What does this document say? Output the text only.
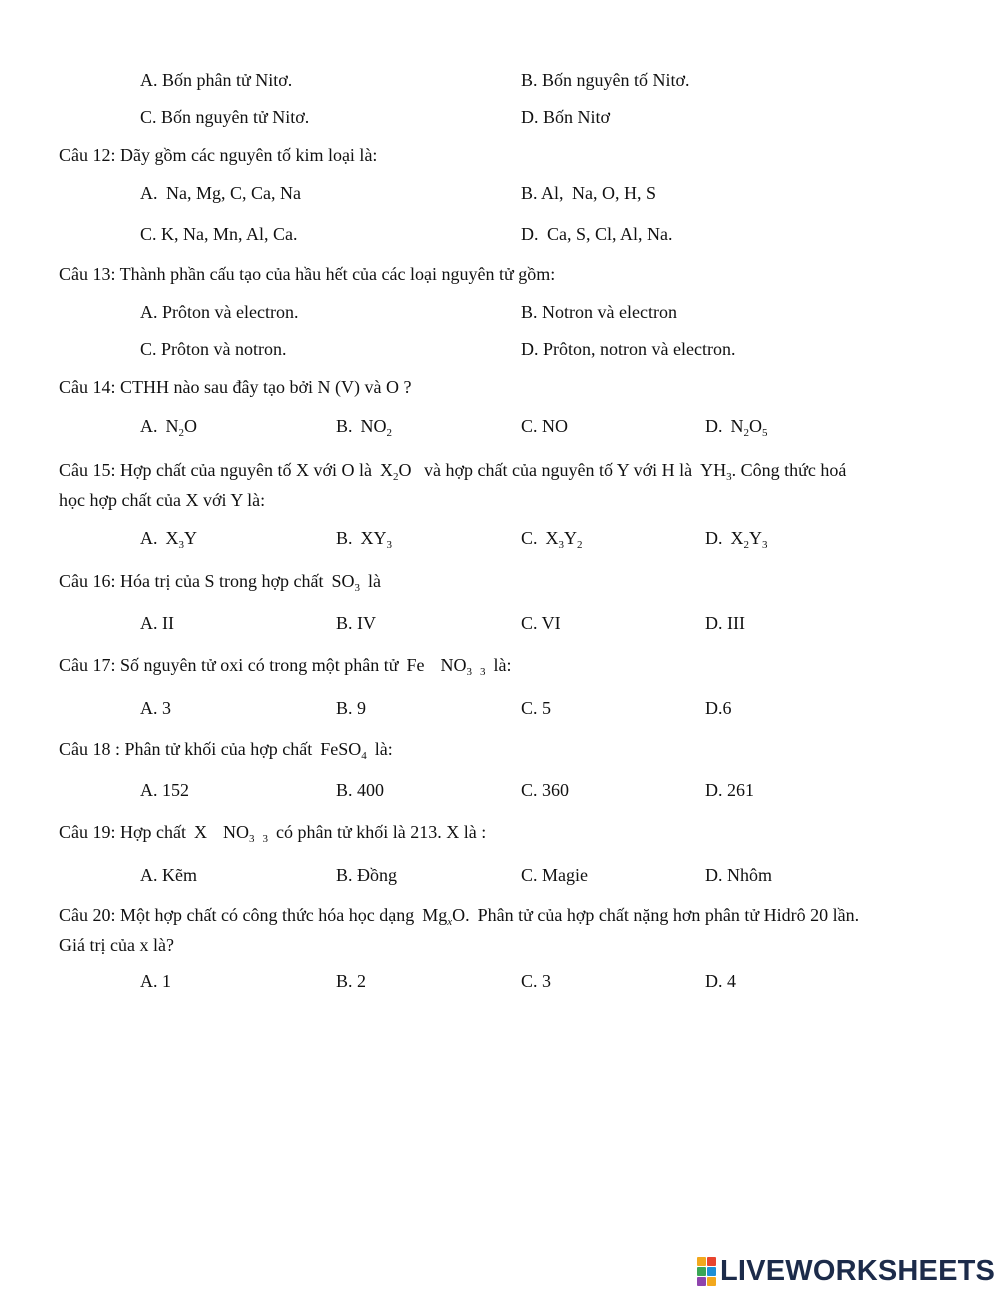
A. Bốn phân tử Nitơ.	B. Bốn nguyên tố Nitơ.
C. Bốn nguyên tử Nitơ.	D. Bốn Nitơ
Câu 12: Dãy gồm các nguyên tố kim loại là:
A. Na, Mg, C, Ca, Na	B. Al, Na, O, H, S
C. K, Na, Mn, Al, Ca.	D. Ca, S, Cl, Al, Na.
Câu 13: Thành phần cấu tạo của hầu hết của các loại nguyên tử gồm:
A. Prôton và electron.	B. Notron và electron
C. Prôton và notron.	D. Prôton, notron và electron.
Câu 14: CTHH nào sau đây tạo bởi N (V) và O ?
A. $N_2O$	B. $NO_2$	C. NO	D. $N_2O_5$
Câu 15: Hợp chất của nguyên tố X với O là $X_2O$ và hợp chất của nguyên tố Y với H là $YH_3$. Công thức hoá
học hợp chất của X với Y là:
A. $X_3Y$	B. $XY_3$	C. $X_3Y_2$	D. $X_2Y_3$
Câu 16: Hóa trị của S trong hợp chất $SO_3$ là
A. II	B. IV	C. VI	D. III
Câu 17: Số nguyên tử oxi có trong một phân tử Fe $NO_3$ $_3$ là:
A. 3	B. 9	C. 5	D.6
Câu 18 : Phân tử khối của hợp chất FeSO$_4$ là:
A. 152	B. 400	C. 360	D. 261
Câu 19: Hợp chất X $NO_3$ $_3$ có phân tử khối là 213. X là :
A. Kẽm	B. Đồng	C. Magie	D. Nhôm
Câu 20: Một hợp chất có công thức hóa học dạng $Mg_xO$. Phân tử của hợp chất nặng hơn phân tử Hidrô 20 lần.
Giá trị của x là?
A. 1	B. 2	C. 3	D. 4
LIVEWORKSHEETS
